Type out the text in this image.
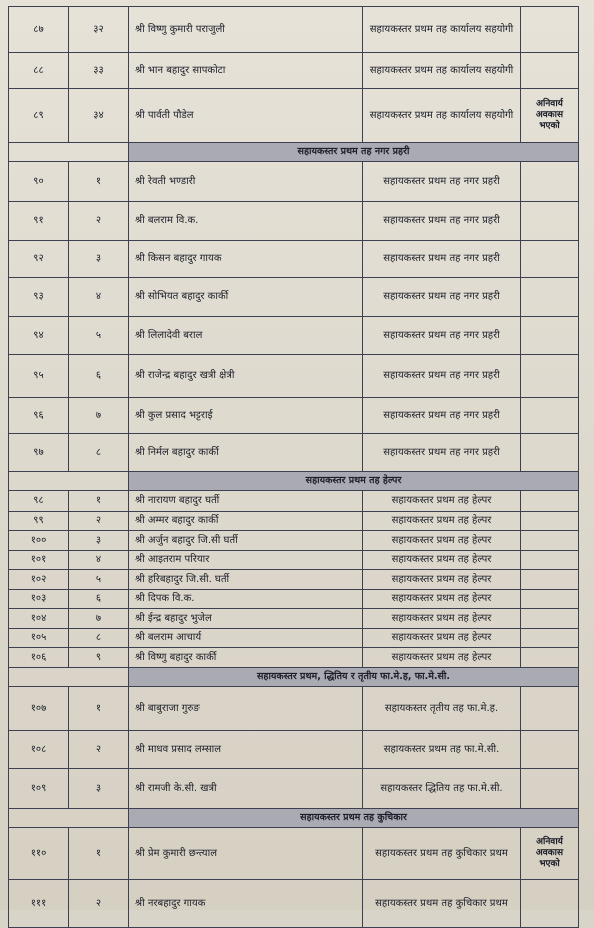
८७	३२	श्री विष्णु कुमारी पराजुली	सहायकस्तर प्रथम तह कार्यालय सहयोगी	
८८	३३	श्री भान बहादुर सापकोटा	सहायकस्तर प्रथम तह कार्यालय सहयोगी	
८९	३४	श्री पार्वती पौडेल	सहायकस्तर प्रथम तह कार्यालय सहयोगी	अनिवार्य अवकास भएको
		सहायकस्तर प्रथम तह नगर प्रहरी		
९०	१	श्री रेवती भण्डारी	सहायकस्तर प्रथम तह नगर प्रहरी	
९१	२	श्री बलराम वि.क.	सहायकस्तर प्रथम तह नगर प्रहरी	
९२	३	श्री किसन बहादुर गायक	सहायकस्तर प्रथम तह नगर प्रहरी	
९३	४	श्री सोभियत बहादुर कार्की	सहायकस्तर प्रथम तह नगर प्रहरी	
९४	५	श्री लिलादेवी बराल	सहायकस्तर प्रथम तह नगर प्रहरी	
९५	६	श्री राजेन्द्र बहादुर खत्री क्षेत्री	सहायकस्तर प्रथम तह नगर प्रहरी	
९६	७	श्री कुल प्रसाद भट्टराई	सहायकस्तर प्रथम तह नगर प्रहरी	
९७	८	श्री निर्मल बहादुर कार्की	सहायकस्तर प्रथम तह नगर प्रहरी	
		सहायकस्तर प्रथम तह हेल्पर		
९८	१	श्री नारायण बहादुर घर्ती	सहायकस्तर प्रथम तह हेल्पर	
९९	२	श्री अम्मर बहादुर कार्की	सहायकस्तर प्रथम तह हेल्पर	
१००	३	श्री अर्जुन बहादुर जि.सी घर्ती	सहायकस्तर प्रथम तह हेल्पर	
१०१	४	श्री आइतराम परियार	सहायकस्तर प्रथम तह हेल्पर	
१०२	५	श्री हरिबहादुर जि.सी. घर्ती	सहायकस्तर प्रथम तह हेल्पर	
१०३	६	श्री दिपक वि.क.	सहायकस्तर प्रथम तह हेल्पर	
१०४	७	श्री ईन्द्र बहादुर भुजेल	सहायकस्तर प्रथम तह हेल्पर	
१०५	८	श्री बलराम आचार्य	सहायकस्तर प्रथम तह हेल्पर	
१०६	९	श्री विष्णु बहादुर कार्की	सहायकस्तर प्रथम तह हेल्पर	
		सहायकस्तर प्रथम, द्धितिय र तृतीय फा.मे.ह, फा.मे.सी.		
१०७	१	श्री बाबुराजा गुरुङ	सहायकस्तर तृतीय तह फा.मे.ह.	
१०८	२	श्री माधव प्रसाद लम्साल	सहायकस्तर प्रथम तह फा.मे.सी.	
१०९	३	श्री रामजी के.सी. खत्री	सहायकस्तर द्धितिय तह फा.मे.सी.	
		सहायकस्तर प्रथम तह कुचिकार		
११०	१	श्री प्रेम कुमारी छन्त्याल	सहायकस्तर प्रथम तह कुचिकार प्रथम	अनिवार्य अवकास भएको
१११	२	श्री नरबहादुर गायक	सहायकस्तर प्रथम तह कुचिकार प्रथम	
